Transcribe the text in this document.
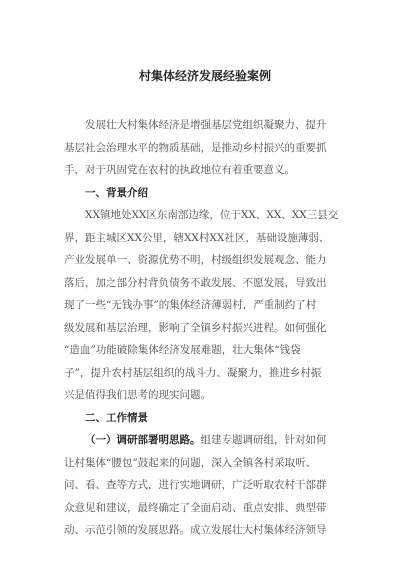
村集体经济发展经验案例

发展壮大村集体经济是增强基层党组织凝聚力、提升
基层社会治理水平的物质基础，是推动乡村振兴的重要抓
手，对于巩固党在农村的执政地位有着重要意义。

一、背景介绍

XX镇地处XX区东南部边缘，位于XX、XX、XX三县交
界，距主城区XX公里，辖XX村XX社区，基础设施薄弱、
产业发展单一、资源优势不明，村级组织发展观念、能力
落后，加之部分村背负债务不敢发展、不愿发展，导致出
现了一些“无钱办事”的集体经济薄弱村，严重制约了村
级发展和基层治理，影响了全镇乡村振兴进程。如何强化
“造血”功能破除集体经济发展难题，壮大集体“钱袋
子”，提升农村基层组织的战斗力、凝聚力，推进乡村振
兴是值得我们思考的现实问题。

二、工作情景

（一）调研部署明思路。组建专题调研组，针对如何
让村集体“腰包”鼓起来的问题，深入全镇各村采取听、
问、看、查等方式，进行实地调研，广泛听取农村干部群
众意见和建议，最终确定了全面启动、重点安排、典型带
动、示范引领的发展思路。成立发展壮大村集体经济领导
